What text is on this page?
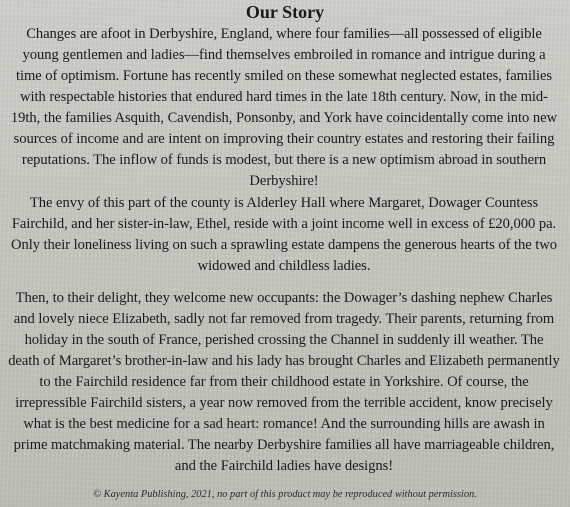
Our Story

Changes are afoot in Derbyshire, England, where four families—all possessed of eligible young gentlemen and ladies—find themselves embroiled in romance and intrigue during a time of optimism. Fortune has recently smiled on these somewhat neglected estates, families with respectable histories that endured hard times in the late 18th century. Now, in the mid-19th, the families Asquith, Cavendish, Ponsonby, and York have coincidentally come into new sources of income and are intent on improving their country estates and restoring their failing reputations. The inflow of funds is modest, but there is a new optimism abroad in southern Derbyshire!

The envy of this part of the county is Alderley Hall where Margaret, Dowager Countess Fairchild, and her sister-in-law, Ethel, reside with a joint income well in excess of £20,000 pa. Only their loneliness living on such a sprawling estate dampens the generous hearts of the two widowed and childless ladies.

Then, to their delight, they welcome new occupants: the Dowager’s dashing nephew Charles and lovely niece Elizabeth, sadly not far removed from tragedy. Their parents, returning from holiday in the south of France, perished crossing the Channel in suddenly ill weather. The death of Margaret’s brother-in-law and his lady has brought Charles and Elizabeth permanently to the Fairchild residence far from their childhood estate in Yorkshire. Of course, the irrepressible Fairchild sisters, a year now removed from the terrible accident, know precisely what is the best medicine for a sad heart: romance! And the surrounding hills are awash in prime matchmaking material. The nearby Derbyshire families all have marriageable children, and the Fairchild ladies have designs!

© Kayenta Publishing, 2021, no part of this product may be reproduced without permission.
